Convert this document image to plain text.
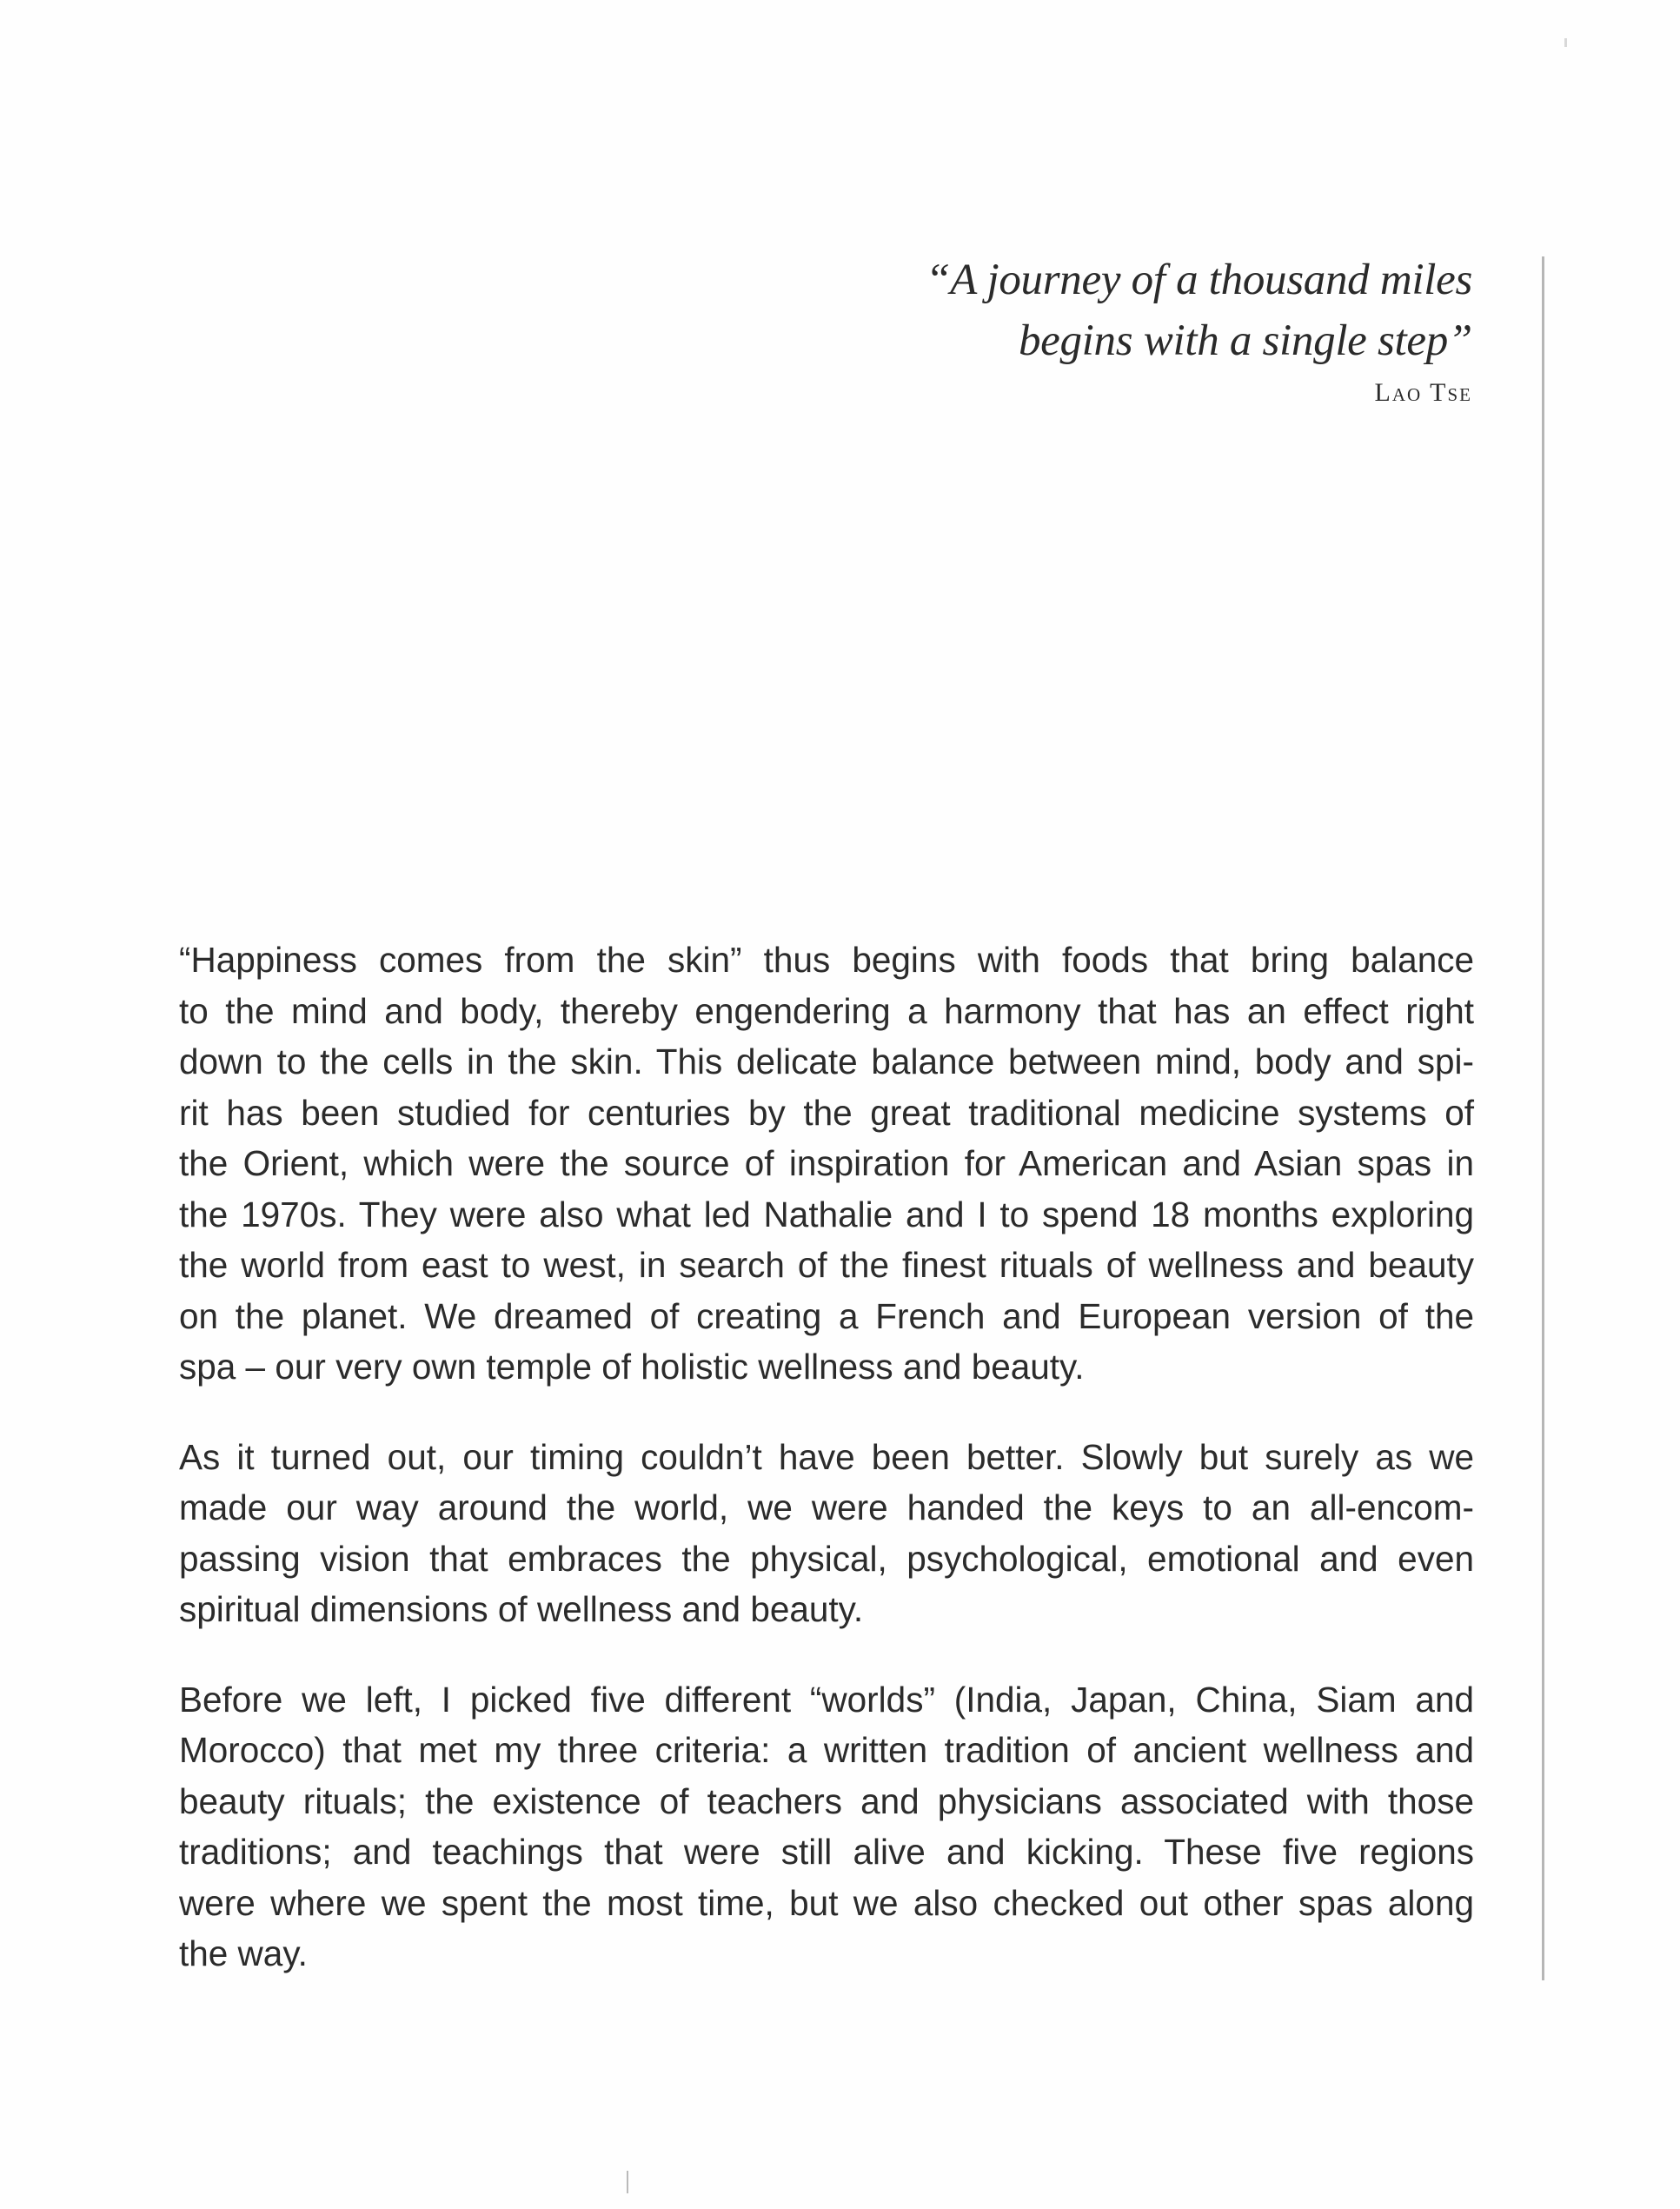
“A journey of a thousand miles
begins with a single step”
Lao Tse

“Happiness comes from the skin” thus begins with foods that bring balance
to the mind and body, thereby engendering a harmony that has an effect right
down to the cells in the skin. This delicate balance between mind, body and spi-
rit has been studied for centuries by the great traditional medicine systems of
the Orient, which were the source of inspiration for American and Asian spas in
the 1970s. They were also what led Nathalie and I to spend 18 months exploring
the world from east to west, in search of the finest rituals of wellness and beauty
on the planet. We dreamed of creating a French and European version of the
spa – our very own temple of holistic wellness and beauty.

As it turned out, our timing couldn’t have been better. Slowly but surely as we
made our way around the world, we were handed the keys to an all-encom-
passing vision that embraces the physical, psychological, emotional and even
spiritual dimensions of wellness and beauty.

Before we left, I picked five different “worlds” (India, Japan, China, Siam and
Morocco) that met my three criteria: a written tradition of ancient wellness and
beauty rituals; the existence of teachers and physicians associated with those
traditions; and teachings that were still alive and kicking. These five regions
were where we spent the most time, but we also checked out other spas along
the way.
